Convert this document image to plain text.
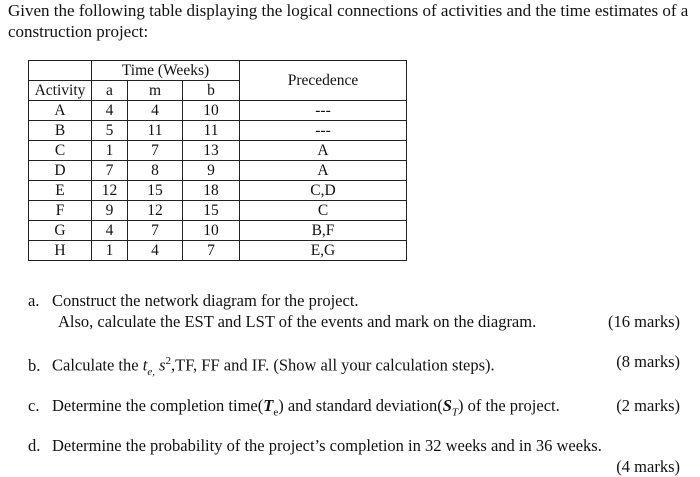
Given the following table displaying the logical connections of activities and the time estimates of a construction project:

	Time (Weeks)			Precedence
Activity	a	m	b	
A	4	4	10	---
B	5	11	11	---
C	1	7	13	A
D	7	8	9	A
E	12	15	18	C,D
F	9	12	15	C
G	4	7	10	B,F
H	1	4	7	E,G
a. Construct the network diagram for the project.
Also, calculate the EST and LST of the events and mark on the diagram.	(16 marks)
b. Calculate the $t_{e,}$ $s^2,TF$, FF and IF. (Show all your calculation steps).	(8 marks)
c. Determine the completion $time(T_e)$ and standard $deviation(S_T)$ of the project.	(2 marks)
d. Determine the probability of the project’s completion in 32 weeks and in 36 weeks.
(4 marks)
